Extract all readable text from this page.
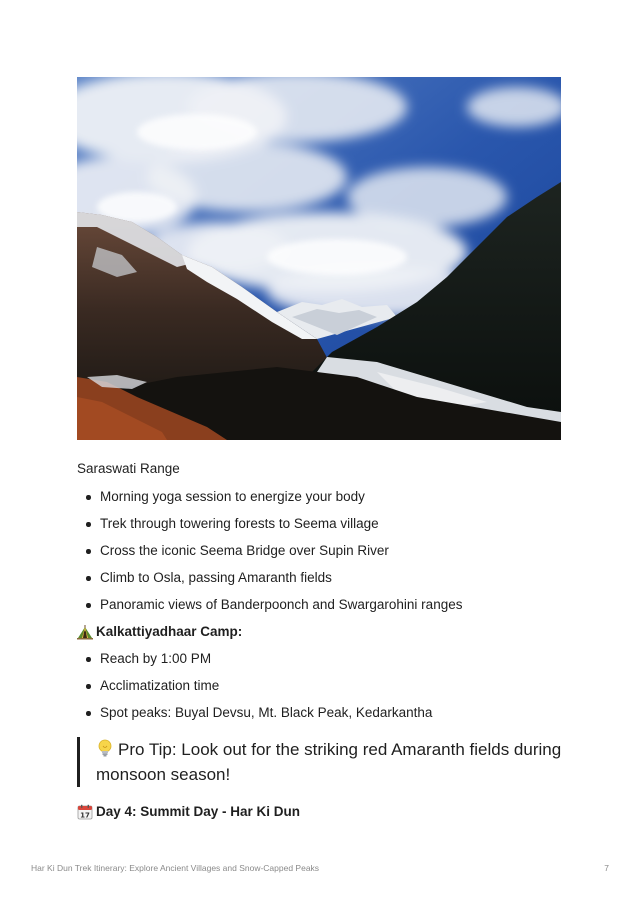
Saraswati Range
Morning yoga session to energize your body
Trek through towering forests to Seema village
Cross the iconic Seema Bridge over Supin River
Climb to Osla, passing Amaranth fields
Panoramic views of Banderpoonch and Swargarohini ranges
Kalkattiyadhaar Camp:
Reach by 1:00 PM
Acclimatization time
Spot peaks: Buyal Devsu, Mt. Black Peak, Kedarkantha
Pro Tip: Look out for the striking red Amaranth fields during monsoon season!
17 Day 4: Summit Day - Har Ki Dun
Har Ki Dun Trek Itinerary: Explore Ancient Villages and Snow-Capped Peaks	7
